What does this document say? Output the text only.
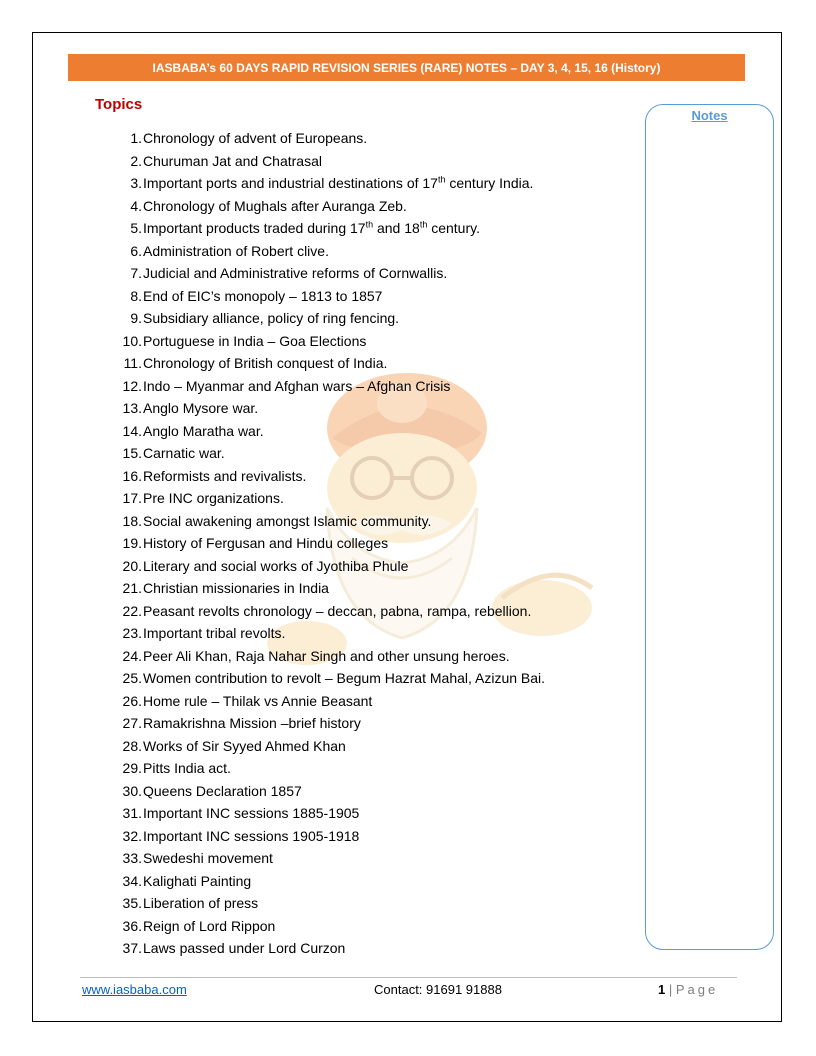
IASBABA’s 60 DAYS RAPID REVISION SERIES (RARE) NOTES – DAY 3, 4, 15, 16 (History)
Topics
Notes
1. Chronology of advent of Europeans.
2. Churuman Jat and Chatrasal
3. Important ports and industrial destinations of 17th century India.
4. Chronology of Mughals after Auranga Zeb.
5. Important products traded during 17th and 18th century.
6. Administration of Robert clive.
7. Judicial and Administrative reforms of Cornwallis.
8. End of EIC’s monopoly – 1813 to 1857
9. Subsidiary alliance, policy of ring fencing.
10. Portuguese in India – Goa Elections
11. Chronology of British conquest of India.
12. Indo – Myanmar and Afghan wars – Afghan Crisis
13. Anglo Mysore war.
14. Anglo Maratha war.
15. Carnatic war.
16. Reformists and revivalists.
17. Pre INC organizations.
18. Social awakening amongst Islamic community.
19. History of Fergusan and Hindu colleges
20. Literary and social works of Jyothiba Phule
21. Christian missionaries in India
22. Peasant revolts chronology – deccan, pabna, rampa, rebellion.
23. Important tribal revolts.
24. Peer Ali Khan, Raja Nahar Singh and other unsung heroes.
25. Women contribution to revolt – Begum Hazrat Mahal, Azizun Bai.
26. Home rule – Thilak vs Annie Beasant
27. Ramakrishna Mission –brief history
28. Works of Sir Syyed Ahmed Khan
29. Pitts India act.
30. Queens Declaration 1857
31. Important INC sessions 1885-1905
32. Important INC sessions 1905-1918
33. Swedeshi movement
34. Kalighati Painting
35. Liberation of press
36. Reign of Lord Rippon
37. Laws passed under Lord Curzon
www.iasbaba.com	Contact: 91691 91888	1 | Page
